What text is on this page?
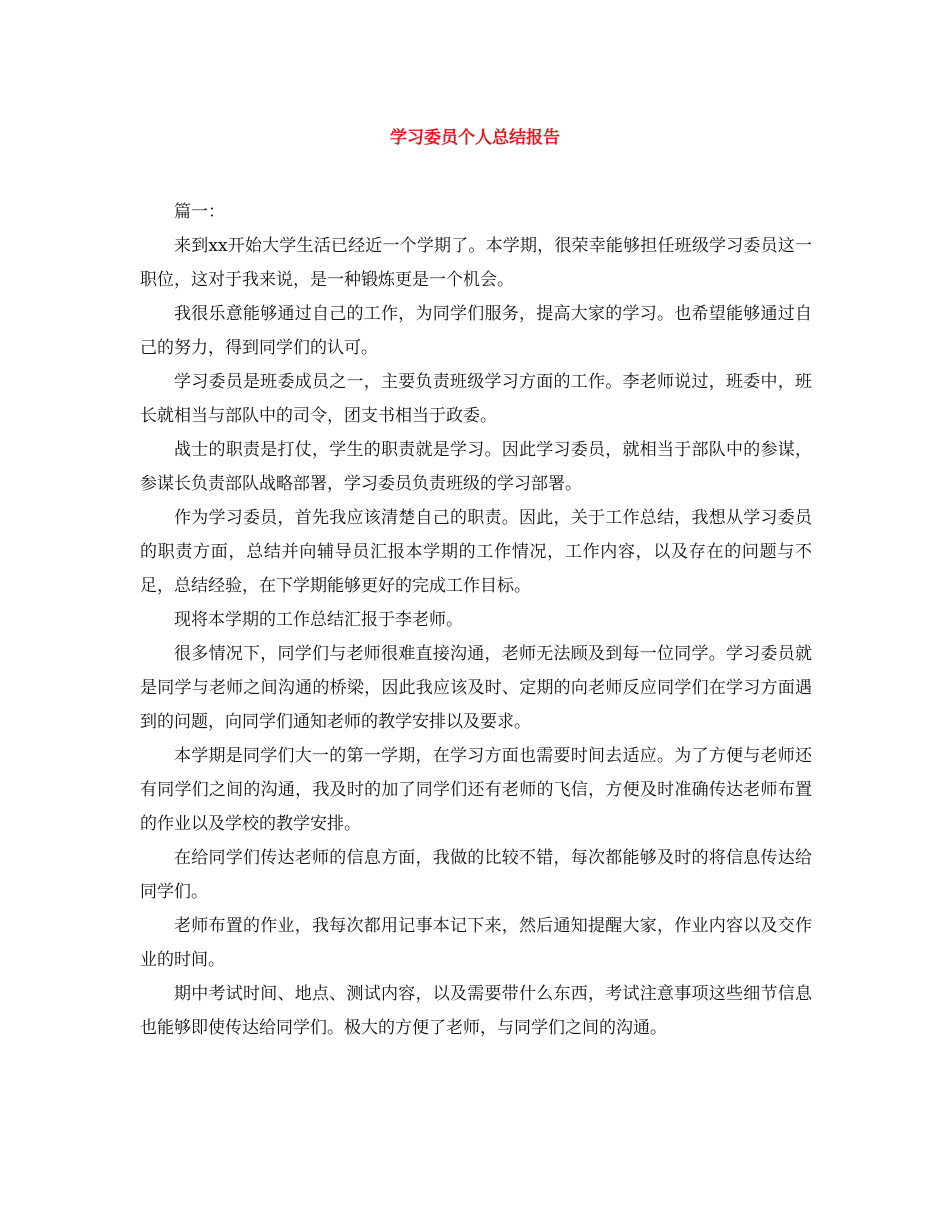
学习委员个人总结报告

篇一：

来到xx开始大学生活已经近一个学期了。本学期，很荣幸能够担任班级学习委员这一职位，这对于我来说，是一种锻炼更是一个机会。

我很乐意能够通过自己的工作，为同学们服务，提高大家的学习。也希望能够通过自己的努力，得到同学们的认可。

学习委员是班委成员之一，主要负责班级学习方面的工作。李老师说过，班委中，班长就相当与部队中的司令，团支书相当于政委。

战士的职责是打仗，学生的职责就是学习。因此学习委员，就相当于部队中的参谋，参谋长负责部队战略部署，学习委员负责班级的学习部署。

作为学习委员，首先我应该清楚自己的职责。因此，关于工作总结，我想从学习委员的职责方面，总结并向辅导员汇报本学期的工作情况，工作内容，以及存在的问题与不足，总结经验，在下学期能够更好的完成工作目标。

现将本学期的工作总结汇报于李老师。

很多情况下，同学们与老师很难直接沟通，老师无法顾及到每一位同学。学习委员就是同学与老师之间沟通的桥梁，因此我应该及时、定期的向老师反应同学们在学习方面遇到的问题，向同学们通知老师的教学安排以及要求。

本学期是同学们大一的第一学期，在学习方面也需要时间去适应。为了方便与老师还有同学们之间的沟通，我及时的加了同学们还有老师的飞信，方便及时准确传达老师布置的作业以及学校的教学安排。

在给同学们传达老师的信息方面，我做的比较不错，每次都能够及时的将信息传达给同学们。

老师布置的作业，我每次都用记事本记下来，然后通知提醒大家，作业内容以及交作业的时间。

期中考试时间、地点、测试内容，以及需要带什么东西，考试注意事项这些细节信息也能够即使传达给同学们。极大的方便了老师，与同学们之间的沟通。
